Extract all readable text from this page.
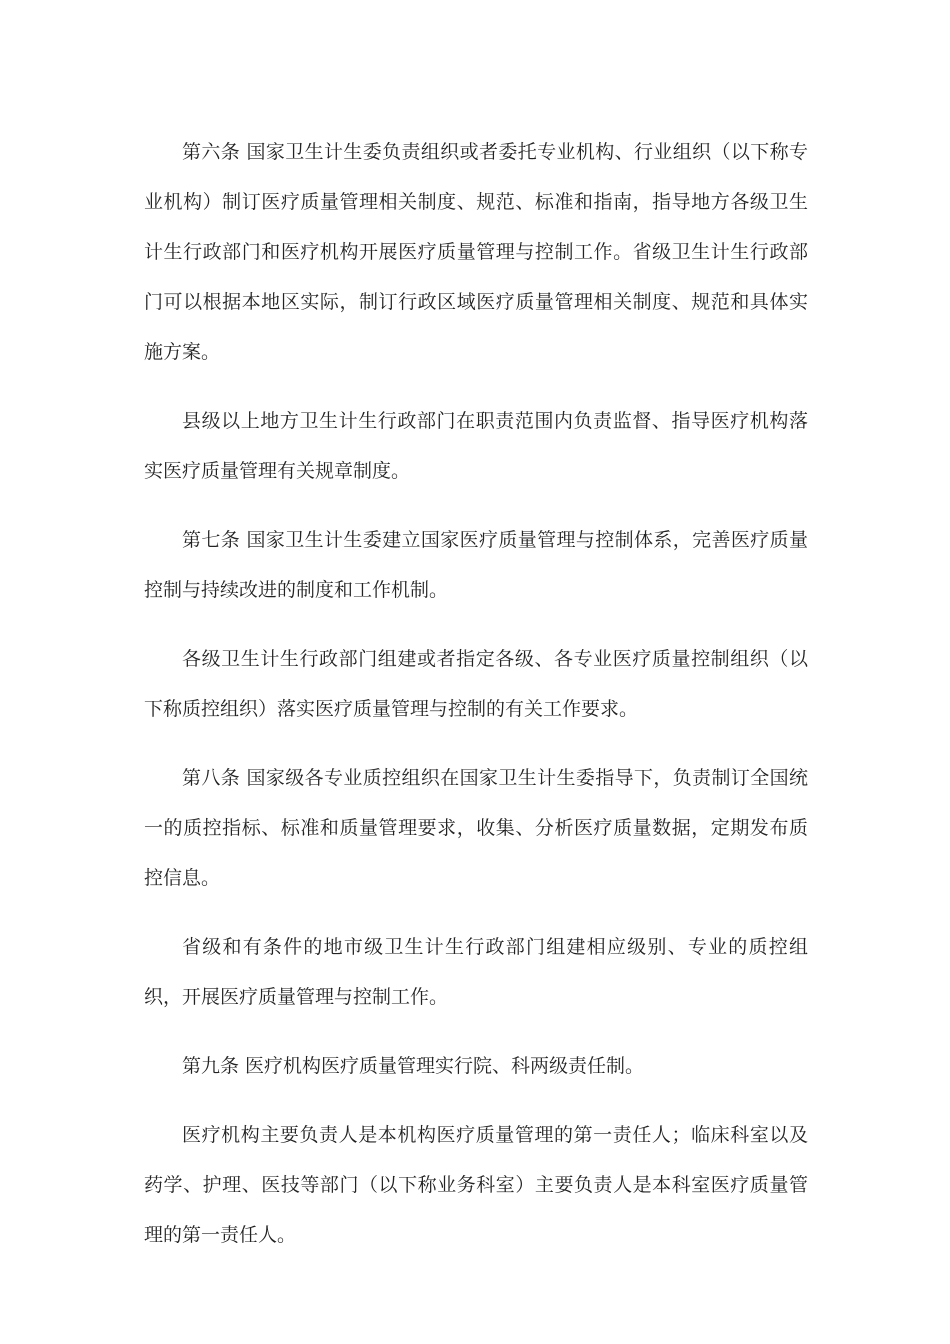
第六条 国家卫生计生委负责组织或者委托专业机构、行业组织（以下称专业机构）制订医疗质量管理相关制度、规范、标准和指南，指导地方各级卫生计生行政部门和医疗机构开展医疗质量管理与控制工作。省级卫生计生行政部门可以根据本地区实际，制订行政区域医疗质量管理相关制度、规范和具体实施方案。

县级以上地方卫生计生行政部门在职责范围内负责监督、指导医疗机构落实医疗质量管理有关规章制度。

第七条 国家卫生计生委建立国家医疗质量管理与控制体系，完善医疗质量控制与持续改进的制度和工作机制。

各级卫生计生行政部门组建或者指定各级、各专业医疗质量控制组织（以下称质控组织）落实医疗质量管理与控制的有关工作要求。

第八条 国家级各专业质控组织在国家卫生计生委指导下，负责制订全国统一的质控指标、标准和质量管理要求，收集、分析医疗质量数据，定期发布质控信息。

省级和有条件的地市级卫生计生行政部门组建相应级别、专业的质控组织，开展医疗质量管理与控制工作。

第九条 医疗机构医疗质量管理实行院、科两级责任制。

医疗机构主要负责人是本机构医疗质量管理的第一责任人；临床科室以及药学、护理、医技等部门（以下称业务科室）主要负责人是本科室医疗质量管理的第一责任人。
